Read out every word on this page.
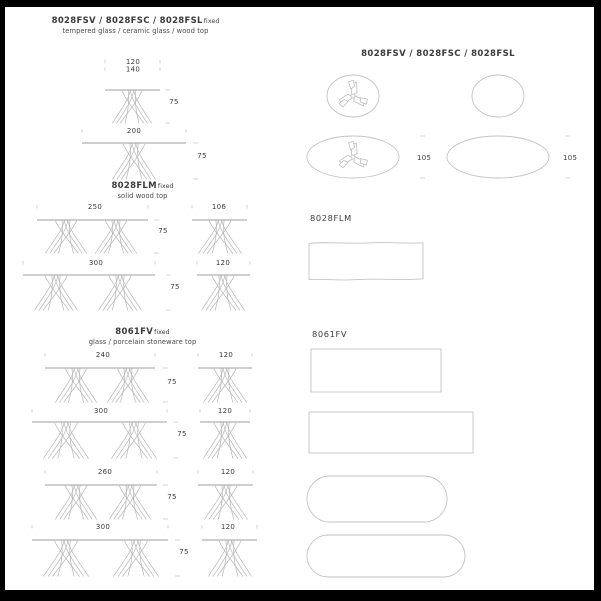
120
140
75
200
75
250
75
106
300
75
120
240
75
120
300
75
120
260
75
120
300
75
120
105	105
8028FSV / 8028FSC / 8028FSLfixed
tempered glass / ceramic glass / wood top
8028FLMfixed
solid wood top
8061FVfixed
glass / porcelain stoneware top
8028FSV / 8028FSC / 8028FSL
8028FLM
8061FV
